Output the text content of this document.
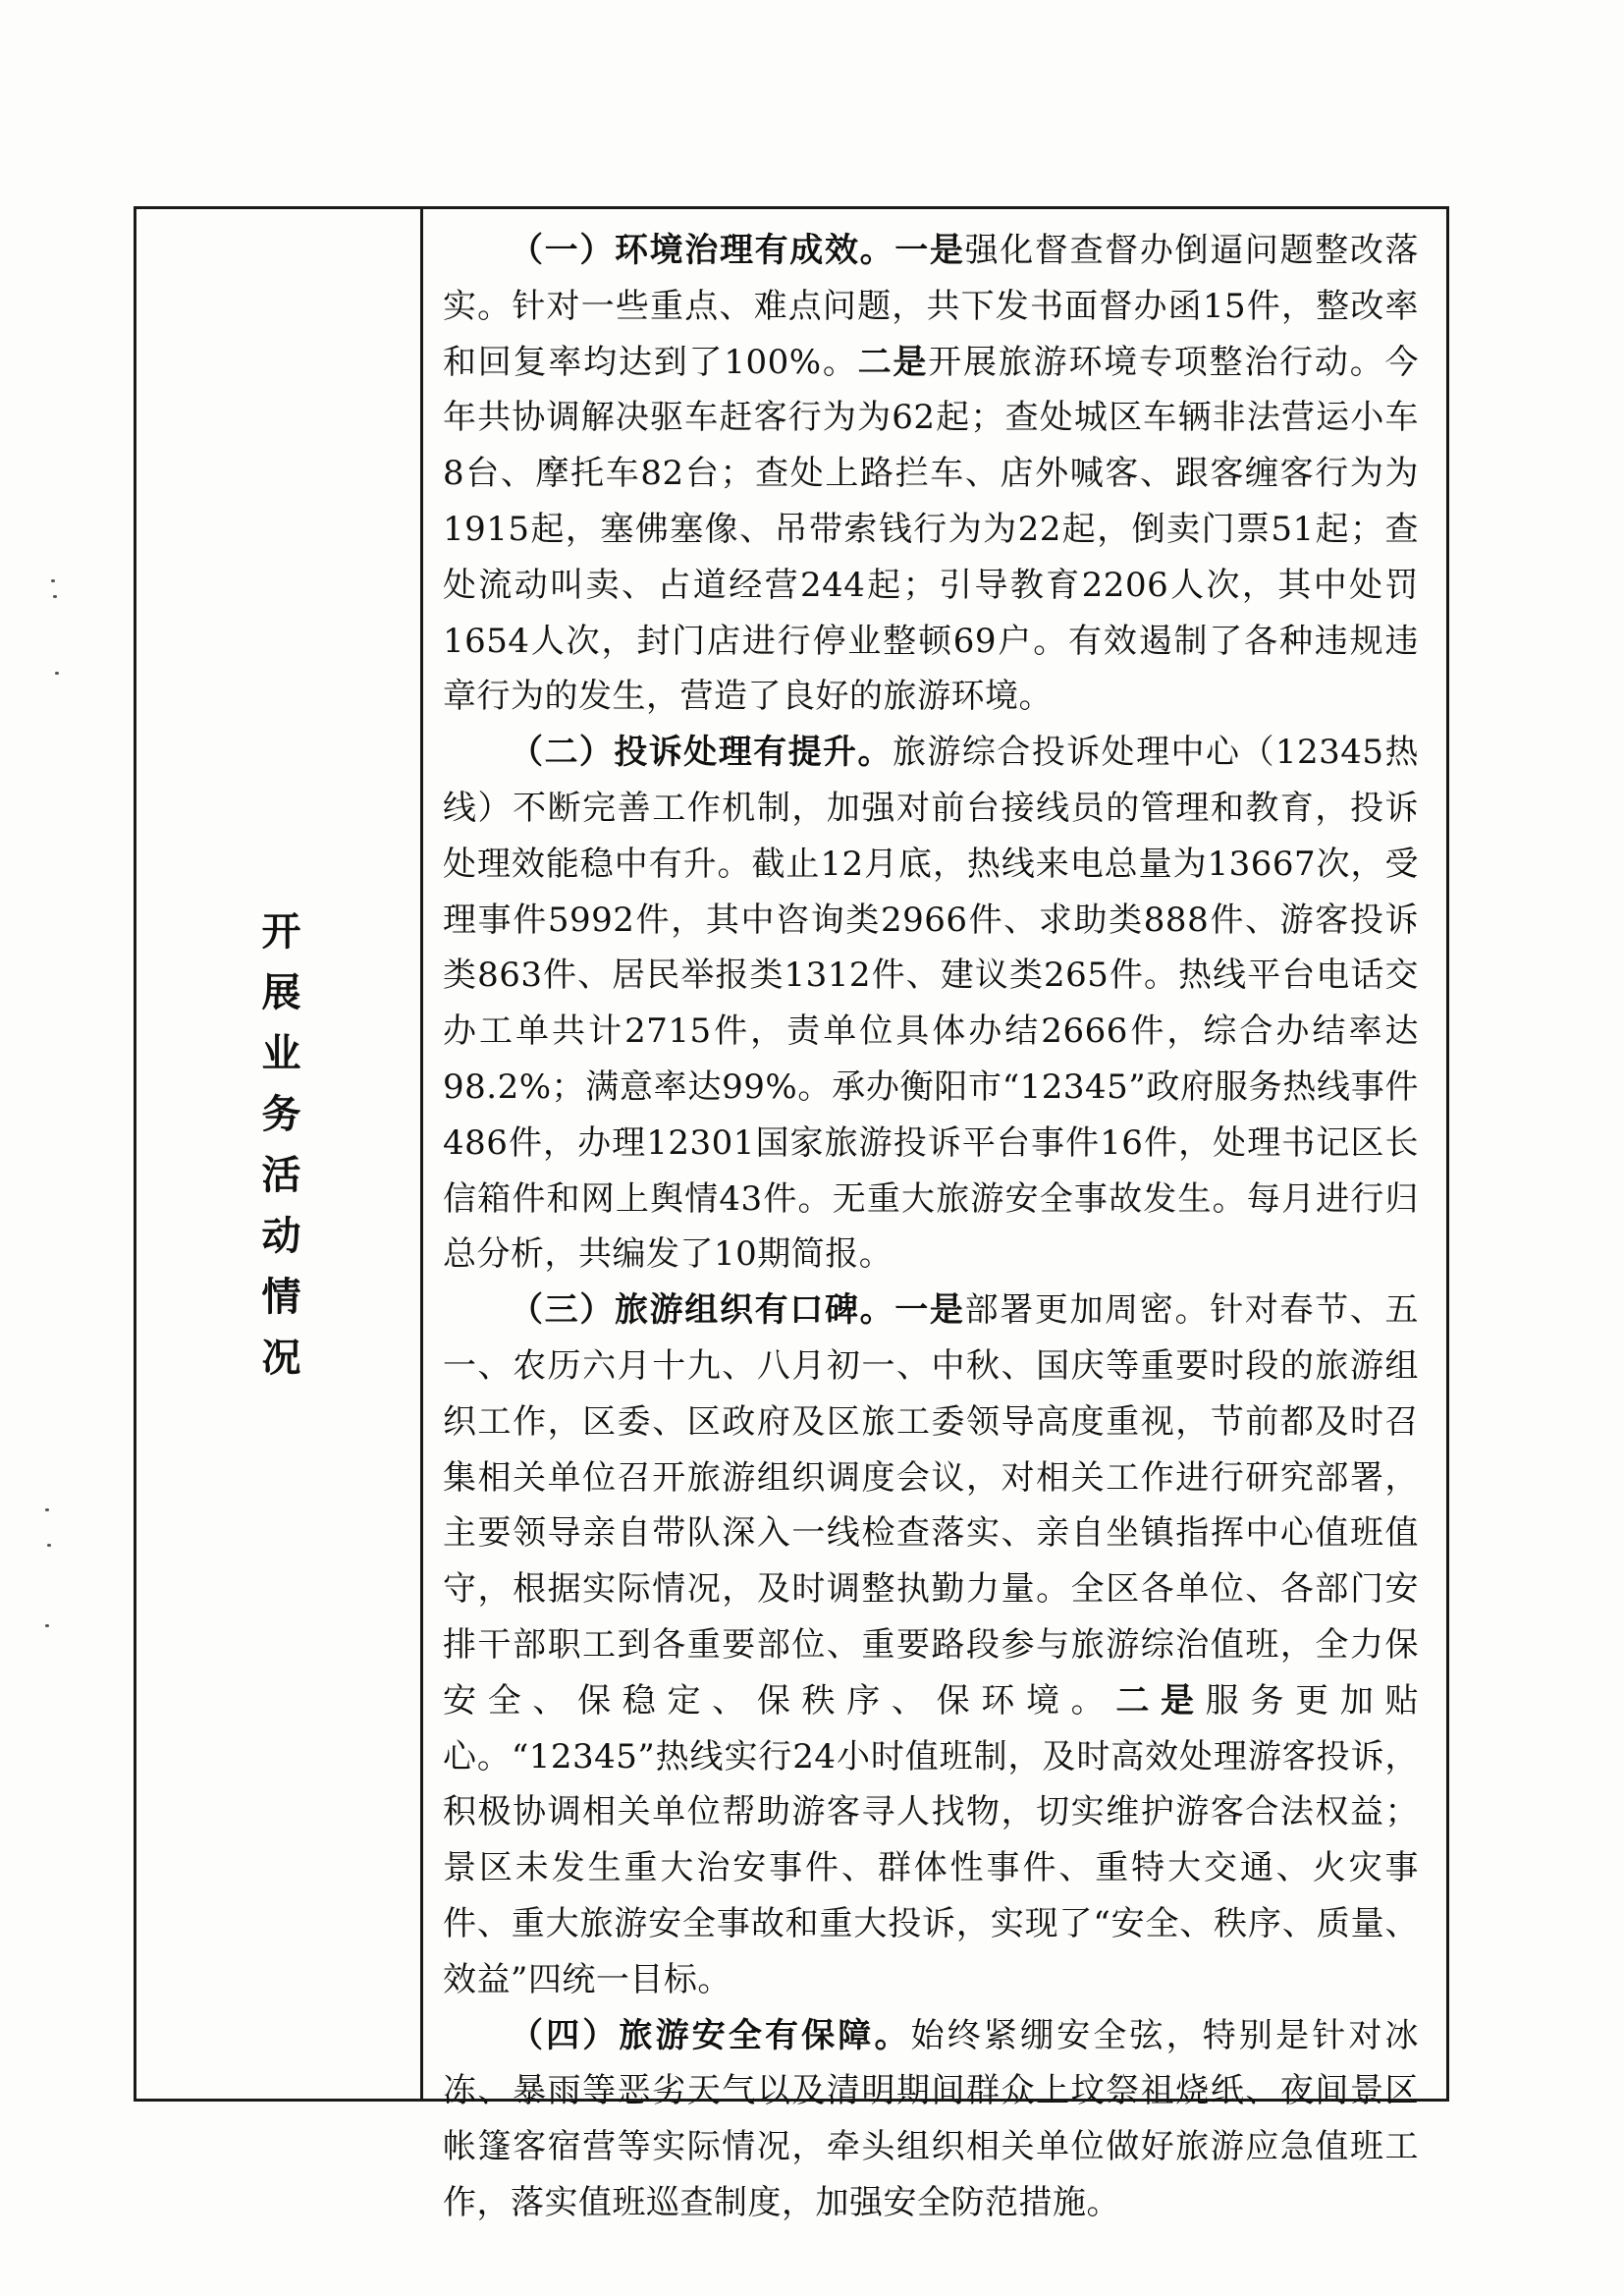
开展业务活动情况

（一）环境治理有成效。一是强化督查督办倒逼问题整改落实。针对一些重点、难点问题，共下发书面督办函15件，整改率和回复率均达到了100%。二是开展旅游环境专项整治行动。今年共协调解决驱车赶客行为为62起；查处城区车辆非法营运小车8台、摩托车82台；查处上路拦车、店外喊客、跟客缠客行为为1915起，塞佛塞像、吊带索钱行为为22起，倒卖门票51起；查处流动叫卖、占道经营244起；引导教育2206人次，其中处罚1654人次，封门店进行停业整顿69户。有效遏制了各种违规违章行为的发生，营造了良好的旅游环境。

（二）投诉处理有提升。旅游综合投诉处理中心（12345热线）不断完善工作机制，加强对前台接线员的管理和教育，投诉处理效能稳中有升。截止12月底，热线来电总量为13667次，受理事件5992件，其中咨询类2966件、求助类888件、游客投诉类863件、居民举报类1312件、建议类265件。热线平台电话交办工单共计2715件，责单位具体办结2666件，综合办结率达98.2%；满意率达99%。承办衡阳市“12345”政府服务热线事件486件，办理12301国家旅游投诉平台事件16件，处理书记区长信箱件和网上舆情43件。无重大旅游安全事故发生。每月进行归总分析，共编发了10期简报。

（三）旅游组织有口碑。一是部署更加周密。针对春节、五一、农历六月十九、八月初一、中秋、国庆等重要时段的旅游组织工作，区委、区政府及区旅工委领导高度重视，节前都及时召集相关单位召开旅游组织调度会议，对相关工作进行研究部署，主要领导亲自带队深入一线检查落实、亲自坐镇指挥中心值班值守，根据实际情况，及时调整执勤力量。全区各单位、各部门安排干部职工到各重要部位、重要路段参与旅游综治值班，全力保安全、保稳定、保秩序、保环境。二是服务更加贴心。“12345”热线实行24小时值班制，及时高效处理游客投诉，积极协调相关单位帮助游客寻人找物，切实维护游客合法权益；景区未发生重大治安事件、群体性事件、重特大交通、火灾事件、重大旅游安全事故和重大投诉，实现了“安全、秩序、质量、效益”四统一目标。

（四）旅游安全有保障。始终紧绷安全弦，特别是针对冰冻、暴雨等恶劣天气以及清明期间群众上坟祭祖烧纸、夜间景区帐篷客宿营等实际情况，牵头组织相关单位做好旅游应急值班工作，落实值班巡查制度，加强安全防范措施。
